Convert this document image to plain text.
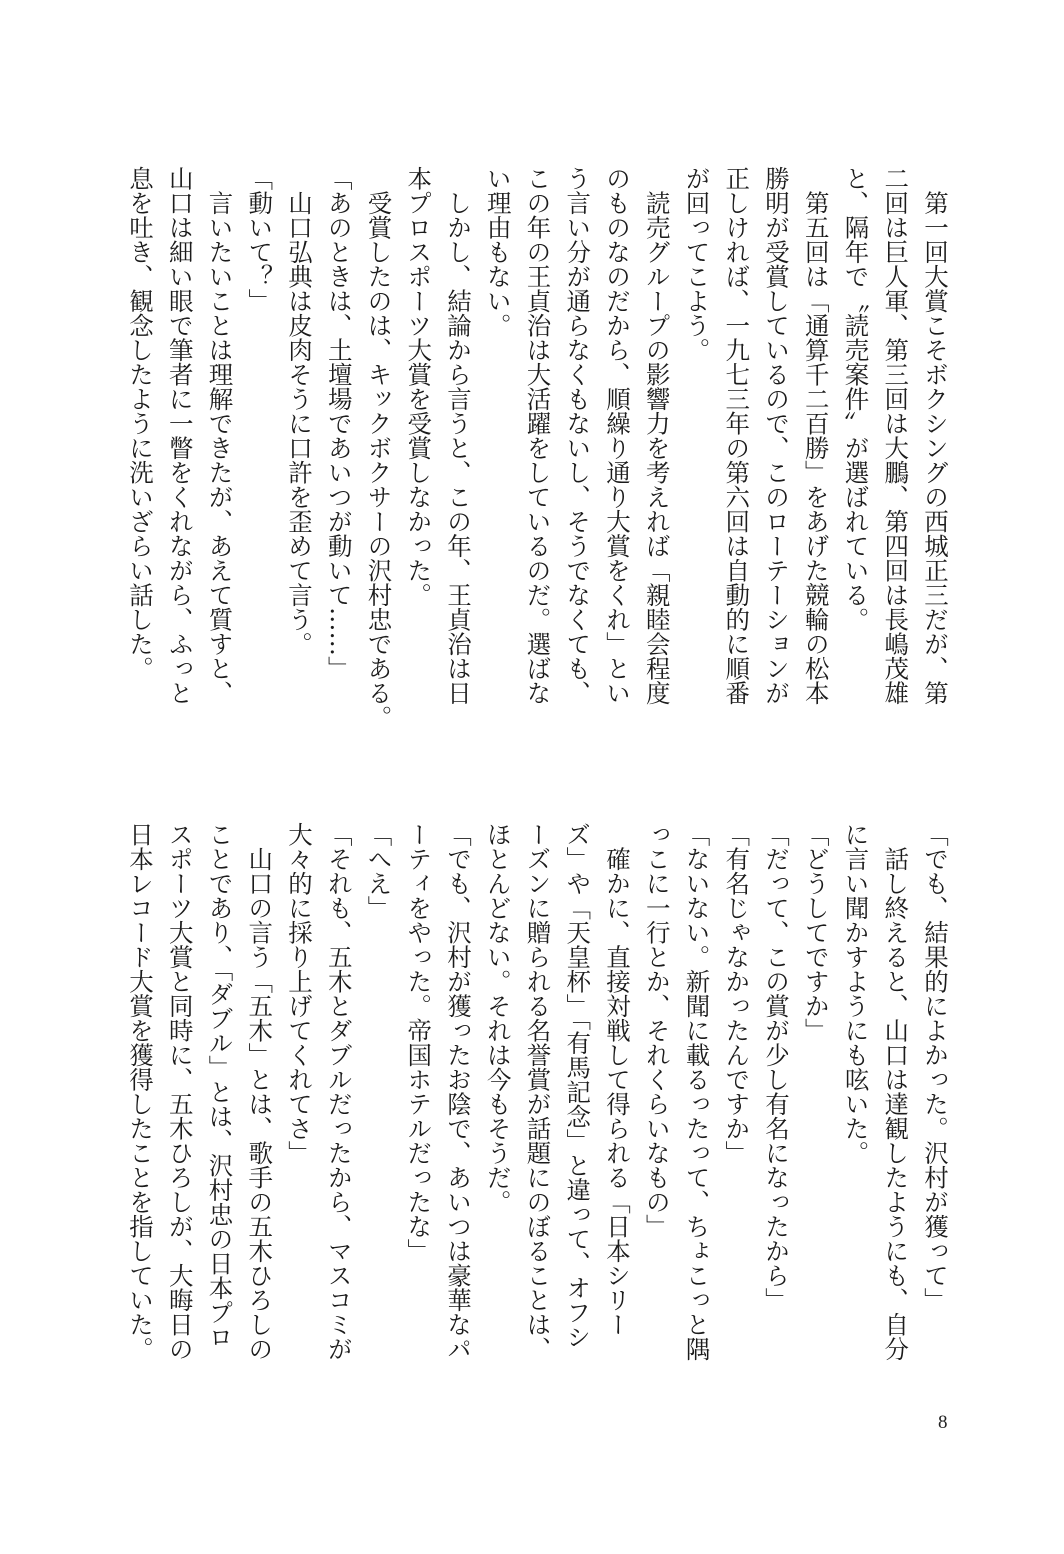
　第一回大賞こそボクシングの西城正三だが、第

二回は巨人軍、第三回は大鵬、第四回は長嶋茂雄

と、隔年で〝読売案件〟が選ばれている。

　第五回は「通算千二百勝」をあげた競輪の松本

勝明が受賞しているので、このローテーションが

正しければ、一九七三年の第六回は自動的に順番

が回ってこよう。

　読売グループの影響力を考えれば「親睦会程度

のものなのだから、順繰り通り大賞をくれ」とい

う言い分が通らなくもないし、そうでなくても、

この年の王貞治は大活躍をしているのだ。選ばな

い理由もない。

　しかし、結論から言うと、この年、王貞治は日

本プロスポーツ大賞を受賞しなかった。

　受賞したのは、キックボクサーの沢村忠である。

「あのときは、土壇場であいつが動いて……」

　山口弘典は皮肉そうに口許を歪めて言う。

「動いて？」

　言いたいことは理解できたが、あえて質すと、

山口は細い眼で筆者に一瞥をくれながら、ふっと

息を吐き、観念したように洗いざらい話した。

「でも、結果的によかった。沢村が獲って」

　話し終えると、山口は達観したようにも、自分

に言い聞かすようにも呟いた。

「どうしてですか」

「だって、この賞が少し有名になったから」

「有名じゃなかったんですか」

「ないない。新聞に載るったって、ちょこっと隅

っこに一行とか、それくらいなもの」

　確かに、直接対戦して得られる「日本シリー

ズ」や「天皇杯」「有馬記念」と違って、オフシ

ーズンに贈られる名誉賞が話題にのぼることは、

ほとんどない。それは今もそうだ。

「でも、沢村が獲ったお陰で、あいつは豪華なパ

ーティをやった。帝国ホテルだったな」

「へえ」

「それも、五木とダブルだったから、マスコミが

大々的に採り上げてくれてさ」

　山口の言う「五木」とは、歌手の五木ひろしの

ことであり、「ダブル」とは、沢村忠の日本プロ

スポーツ大賞と同時に、五木ひろしが、大晦日の

日本レコード大賞を獲得したことを指していた。

8
